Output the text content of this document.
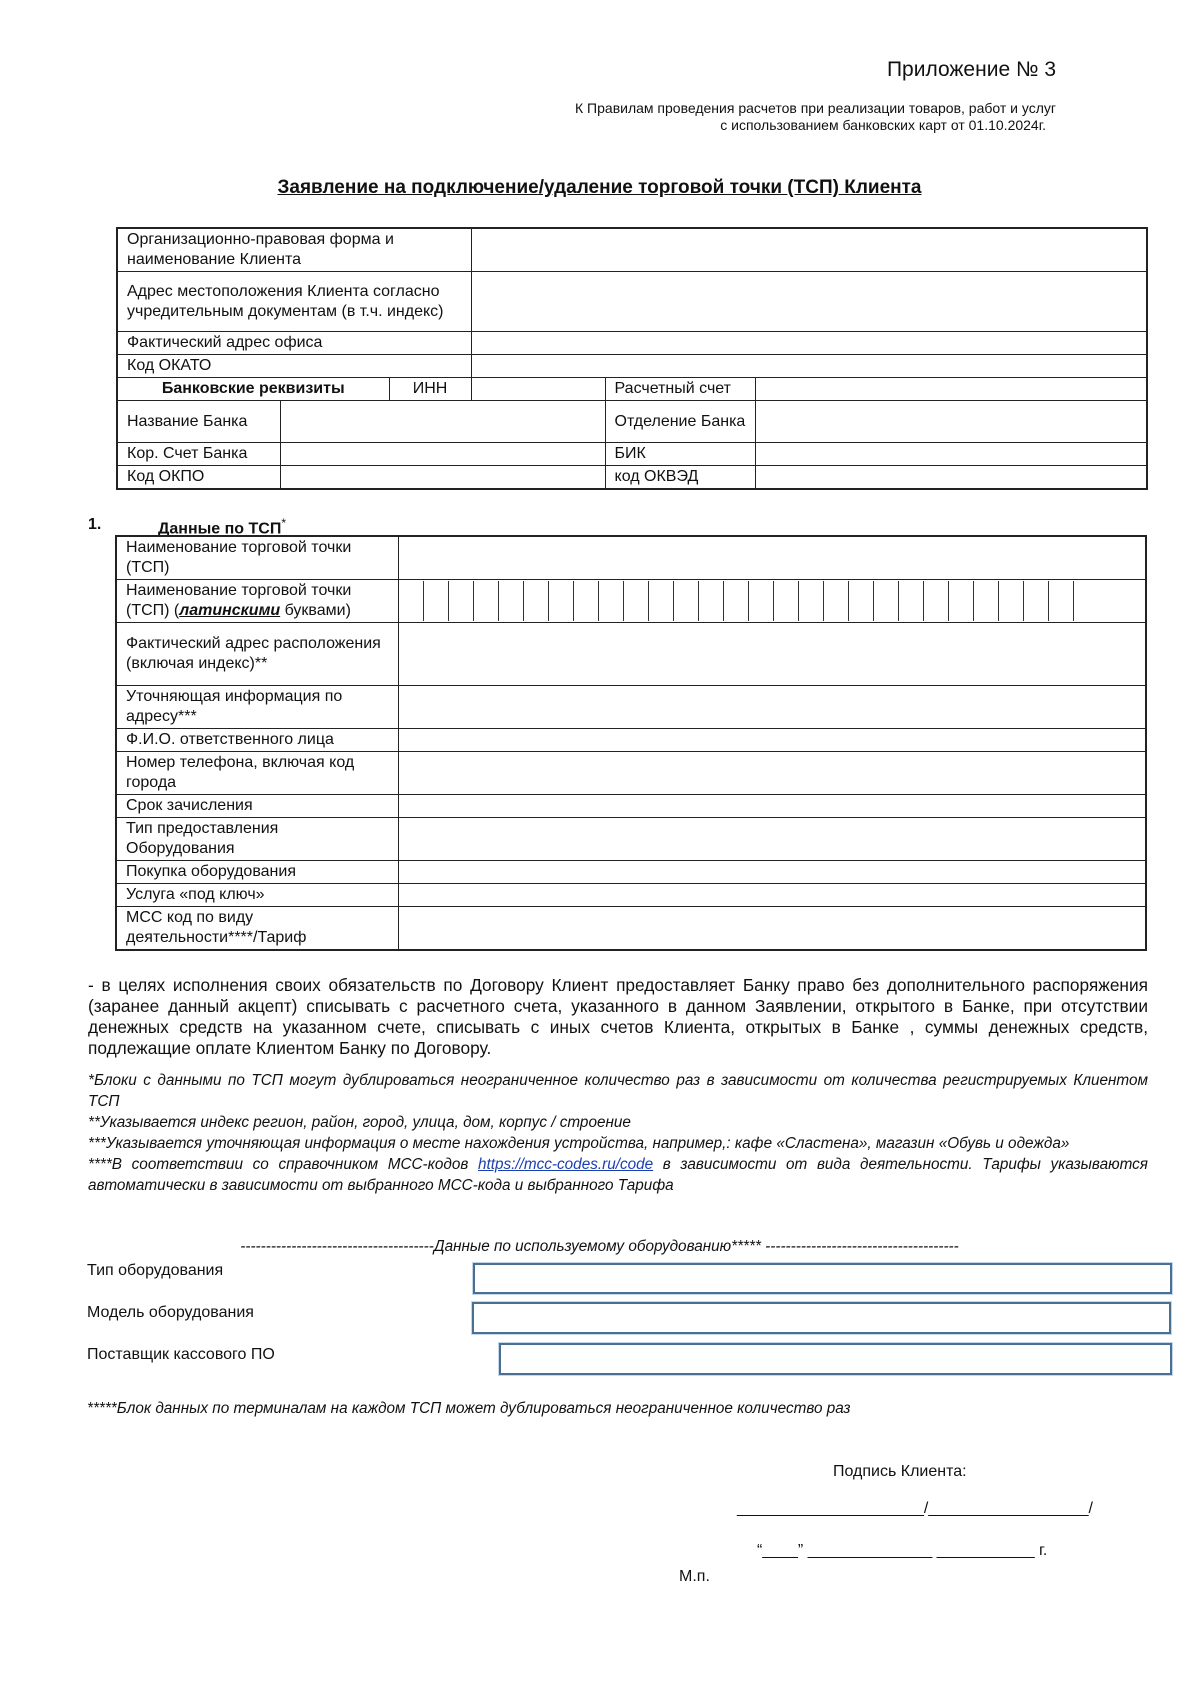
Приложение № 3
К Правилам проведения расчетов при реализации товаров, работ и услуг
с использованием банковских карт от 01.10.2024г.
Заявление на подключение/удаление торговой точки (ТСП) Клиента
Организационно-правовая форма и наименование Клиента					
Адрес местоположения Клиента согласно учредительным документам (в т.ч. индекс)					
Фактический адрес офиса					
Код ОКАТО					
Банковские реквизиты		ИНН		Расчетный счет	
Название Банка				Отделение Банка	
Кор. Счет Банка				БИК	
Код ОКПО				код ОКВЭД	
1.	Данные по ТСП*
Наименование торговой точки (ТСП)	
Наименование торговой точки (ТСП) (латинскими буквами)	

Фактический адрес расположения (включая индекс)**	
Уточняющая информация по адресу***	
Ф.И.О. ответственного лица	
Номер телефона, включая код города	
Срок зачисления	
Тип предоставления Оборудования	
Покупка оборудования	
Услуга «под ключ»	
МСС код по виду деятельности****/Тариф	
- в целях исполнения своих обязательств по Договору Клиент предоставляет Банку право без дополнительного распоряжения (заранее данный акцепт) списывать с расчетного счета, указанного в данном Заявлении, открытого в Банке, при отсутствии денежных средств на указанном счете, списывать с иных счетов Клиента, открытых в Банке , суммы денежных средств, подлежащие оплате Клиентом Банку по Договору.

*Блоки с данными по ТСП могут дублироваться неограниченное количество раз в зависимости от количества регистрируемых Клиентом ТСП

**Указывается индекс регион, район, город, улица, дом, корпус / строение

***Указывается уточняющая информация о месте нахождения устройства, например,: кафе «Сластена», магазин «Обувь и одежда»

****В соответствии со справочником МСС-кодов https://mcc-codes.ru/code в зависимости от вида деятельности. Тарифы указываются автоматически в зависимости от выбранного МСС-кода и выбранного Тарифа

--------------------------------------Данные по используемому оборудованию***** --------------------------------------
Тип оборудования
Модель оборудования
Поставщик кассового ПО
*****Блок данных по терминалам на каждом ТСП может дублироваться неограниченное количество раз
Подпись Клиента:
_____________________/__________________/
“____” ______________ ___________ г.
М.п.
